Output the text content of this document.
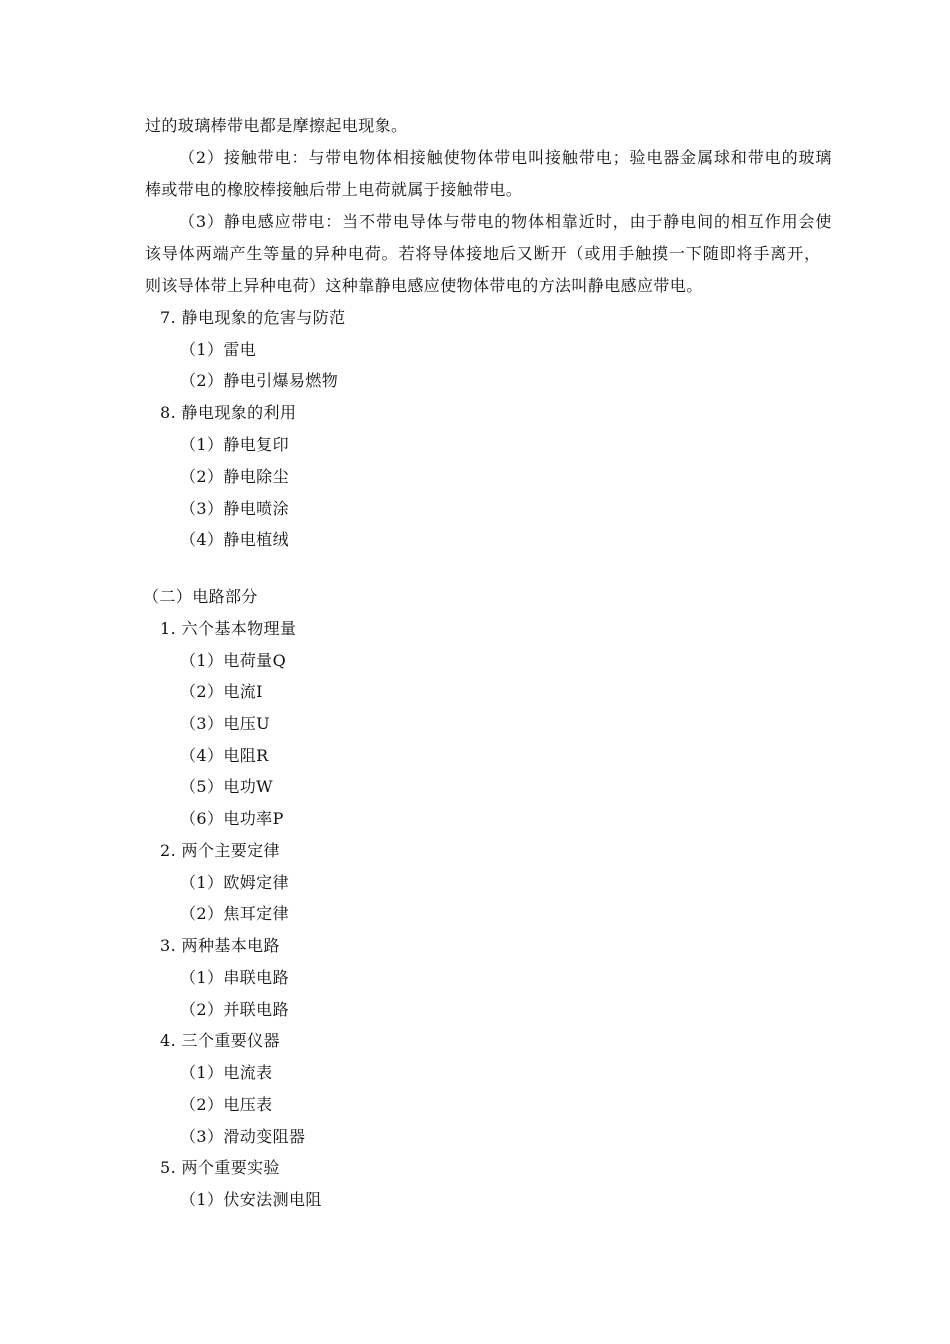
过的玻璃棒带电都是摩擦起电现象。
（2）接触带电：与带电物体相接触使物体带电叫接触带电；验电器金属球和带电的玻璃
棒或带电的橡胶棒接触后带上电荷就属于接触带电。
（3）静电感应带电：当不带电导体与带电的物体相靠近时，由于静电间的相互作用会使
该导体两端产生等量的异种电荷。若将导体接地后又断开（或用手触摸一下随即将手离开，
则该导体带上异种电荷）这种靠静电感应使物体带电的方法叫静电感应带电。
7. 静电现象的危害与防范
（1）雷电
（2）静电引爆易燃物
8. 静电现象的利用
（1）静电复印
（2）静电除尘
（3）静电喷涂
（4）静电植绒
（二）电路部分
1. 六个基本物理量
（1）电荷量Q
（2）电流I
（3）电压U
（4）电阻R
（5）电功W
（6）电功率P
2. 两个主要定律
（1）欧姆定律
（2）焦耳定律
3. 两种基本电路
（1）串联电路
（2）并联电路
4. 三个重要仪器
（1）电流表
（2）电压表
（3）滑动变阻器
5. 两个重要实验
（1）伏安法测电阻
